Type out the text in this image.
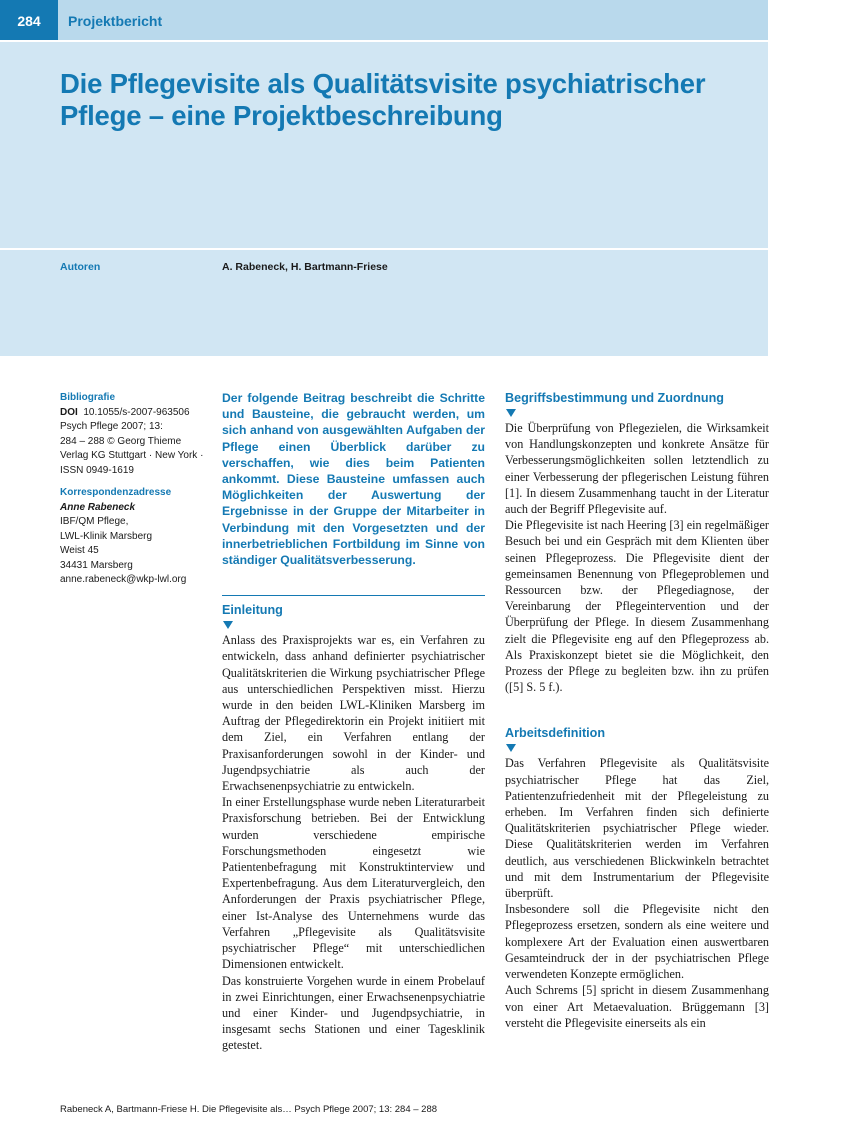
284	Projektbericht
Die Pflegevisite als Qualitätsvisite psychiatrischer
Pflege – eine Projektbeschreibung
Autoren	A. Rabeneck, H. Bartmann-Friese
Bibliografie
DOI 10.1055/s-2007-963506
Psych Pflege 2007; 13:
284 – 288 © Georg Thieme
Verlag KG Stuttgart · New York ·
ISSN 0949-1619
Korrespondenzadresse
Anne Rabeneck
IBF/QM Pflege,
LWL-Klinik Marsberg
Weist 45
34431 Marsberg
anne.rabeneck@wkp-lwl.org

Der folgende Beitrag beschreibt die Schritte und Bausteine, die gebraucht werden, um sich anhand von ausgewählten Aufgaben der Pflege einen Überblick darüber zu verschaffen, wie dies beim Patienten ankommt. Diese Bausteine umfassen auch Möglichkeiten der Auswertung der Ergebnisse in der Gruppe der Mitarbeiter in Verbindung mit den Vorgesetzten und der innerbetrieblichen Fortbildung im Sinne von ständiger Qualitätsverbesserung.

Einleitung

Anlass des Praxisprojekts war es, ein Verfahren zu entwickeln, dass anhand definierter psychiatrischer Qualitätskriterien die Wirkung psychiatrischer Pflege aus unterschiedlichen Perspektiven misst. Hierzu wurde in den beiden LWL-Kliniken Marsberg im Auftrag der Pflegedirektorin ein Projekt initiiert mit dem Ziel, ein Verfahren entlang der Praxisanforderungen sowohl in der Kinder- und Jugendpsychiatrie als auch der Erwachsenenpsychiatrie zu entwickeln.

In einer Erstellungsphase wurde neben Literaturarbeit Praxisforschung betrieben. Bei der Entwicklung wurden verschiedene empirische Forschungsmethoden eingesetzt wie Patientenbefragung mit Konstruktinterview und Expertenbefragung. Aus dem Literaturvergleich, den Anforderungen der Praxis psychiatrischer Pflege, einer Ist-Analyse des Unternehmens wurde das Verfahren „Pflegevisite als Qualitätsvisite psychiatrischer Pflege“ mit unterschiedlichen Dimensionen entwickelt.

Das konstruierte Vorgehen wurde in einem Probelauf in zwei Einrichtungen, einer Erwachsenenpsychiatrie und einer Kinder- und Jugendpsychiatrie, in insgesamt sechs Stationen und einer Tagesklinik getestet.

Begriffsbestimmung und Zuordnung

Die Überprüfung von Pflegezielen, die Wirksamkeit von Handlungskonzepten und konkrete Ansätze für Verbesserungsmöglichkeiten sollen letztendlich zu einer Verbesserung der pflegerischen Leistung führen [1]. In diesem Zusammenhang taucht in der Literatur auch der Begriff Pflegevisite auf.

Die Pflegevisite ist nach Heering [3] ein regelmäßiger Besuch bei und ein Gespräch mit dem Klienten über seinen Pflegeprozess. Die Pflegevisite dient der gemeinsamen Benennung von Pflegeproblemen und Ressourcen bzw. der Pflegediagnose, der Vereinbarung der Pflegeintervention und der Überprüfung der Pflege. In diesem Zusammenhang zielt die Pflegevisite eng auf den Pflegeprozess ab. Als Praxiskonzept bietet sie die Möglichkeit, den Prozess der Pflege zu begleiten bzw. ihn zu prüfen ([5] S. 5 f.).

Arbeitsdefinition

Das Verfahren Pflegevisite als Qualitätsvisite psychiatrischer Pflege hat das Ziel, Patientenzufriedenheit mit der Pflegeleistung zu erheben. Im Verfahren finden sich definierte Qualitätskriterien psychiatrischer Pflege wieder. Diese Qualitätskriterien werden im Verfahren deutlich, aus verschiedenen Blickwinkeln betrachtet und mit dem Instrumentarium der Pflegevisite überprüft.

Insbesondere soll die Pflegevisite nicht den Pflegeprozess ersetzen, sondern als eine weitere und komplexere Art der Evaluation einen auswertbaren Gesamteindruck der in der psychiatrischen Pflege verwendeten Konzepte ermöglichen.

Auch Schrems [5] spricht in diesem Zusammenhang von einer Art Metaevaluation. Brüggemann [3] versteht die Pflegevisite einerseits als ein

Rabeneck A, Bartmann-Friese H. Die Pflegevisite als… Psych Pflege 2007; 13: 284 – 288
